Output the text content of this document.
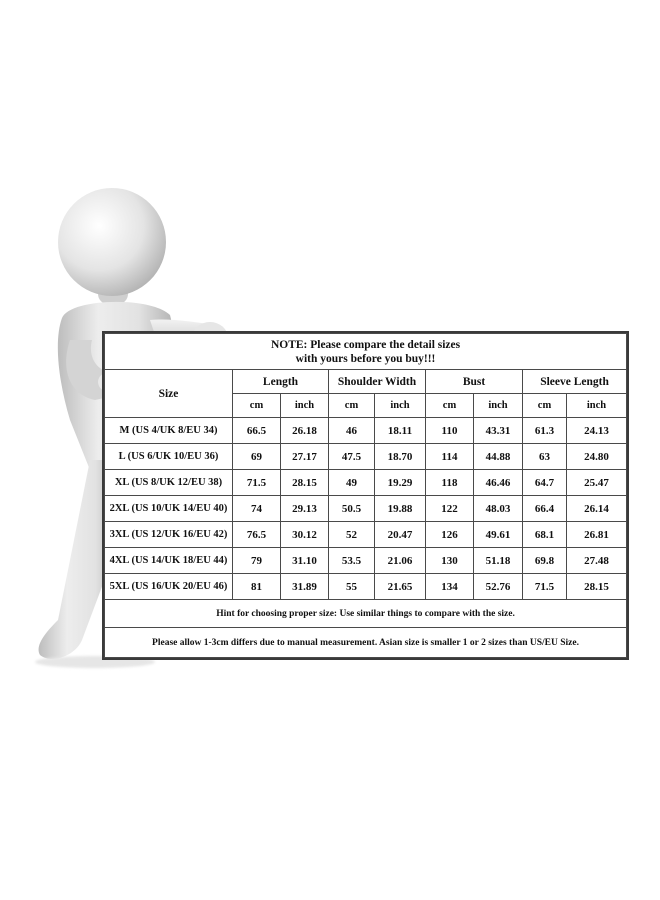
NOTE: Please compare the detail sizes
with yours before you buy!!!								
Size	Length		Shoulder Width		Bust		Sleeve Length	
	cm	inch	cm	inch	cm	inch	cm	inch
M (US 4/UK 8/EU 34)	66.5	26.18	46	18.11	110	43.31	61.3	24.13
L (US 6/UK 10/EU 36)	69	27.17	47.5	18.70	114	44.88	63	24.80
XL (US 8/UK 12/EU 38)	71.5	28.15	49	19.29	118	46.46	64.7	25.47
2XL (US 10/UK 14/EU 40)	74	29.13	50.5	19.88	122	48.03	66.4	26.14
3XL (US 12/UK 16/EU 42)	76.5	30.12	52	20.47	126	49.61	68.1	26.81
4XL (US 14/UK 18/EU 44)	79	31.10	53.5	21.06	130	51.18	69.8	27.48
5XL (US 16/UK 20/EU 46)	81	31.89	55	21.65	134	52.76	71.5	28.15
Hint for choosing proper size: Use similar things to compare with the size.								
Please allow 1-3cm differs due to manual measurement. Asian size is smaller 1 or 2 sizes than US/EU Size.								
